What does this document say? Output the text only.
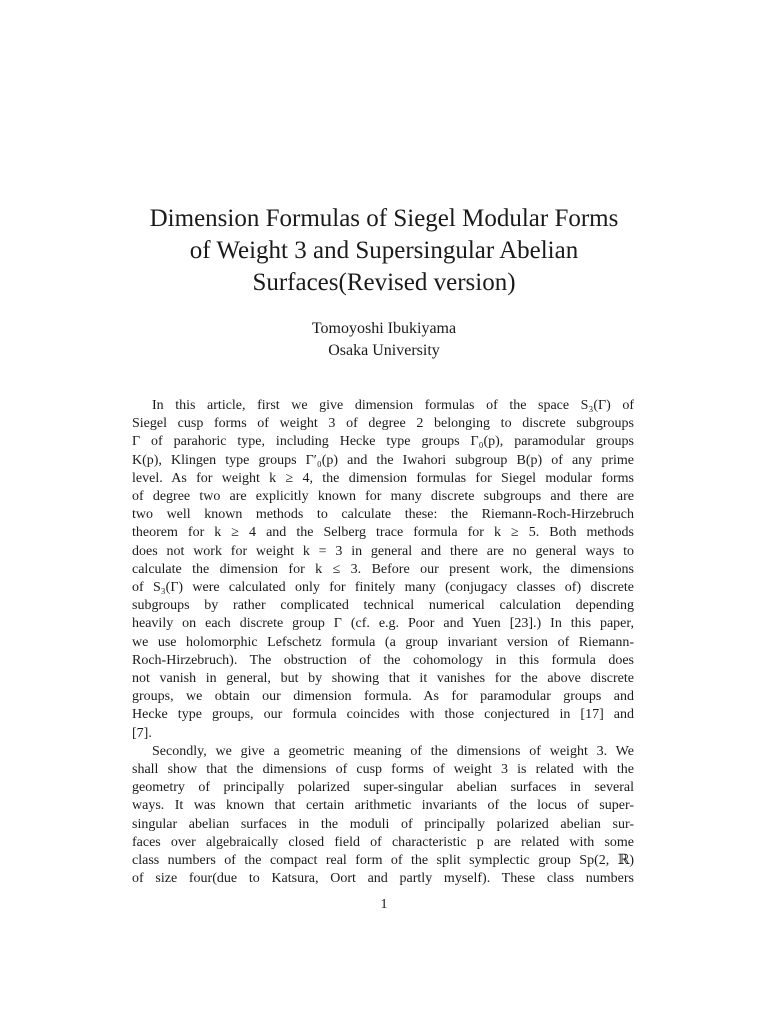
Dimension Formulas of Siegel Modular Forms
of Weight 3 and Supersingular Abelian
Surfaces(Revised version)
Tomoyoshi Ibukiyama
Osaka University
In this article, first we give dimension formulas of the space S₃(Γ) of
Siegel cusp forms of weight 3 of degree 2 belonging to discrete subgroups
Γ of parahoric type, including Hecke type groups Γ₀(p), paramodular groups
K(p), Klingen type groups Γ′₀(p) and the Iwahori subgroup B(p) of any prime
level. As for weight k ≥ 4, the dimension formulas for Siegel modular forms
of degree two are explicitly known for many discrete subgroups and there are
two well known methods to calculate these: the Riemann-Roch-Hirzebruch
theorem for k ≥ 4 and the Selberg trace formula for k ≥ 5. Both methods
does not work for weight k = 3 in general and there are no general ways to
calculate the dimension for k ≤ 3. Before our present work, the dimensions
of S₃(Γ) were calculated only for finitely many (conjugacy classes of) discrete
subgroups by rather complicated technical numerical calculation depending
heavily on each discrete group Γ (cf. e.g. Poor and Yuen [23].) In this paper,
we use holomorphic Lefschetz formula (a group invariant version of Riemann-
Roch-Hirzebruch). The obstruction of the cohomology in this formula does
not vanish in general, but by showing that it vanishes for the above discrete
groups, we obtain our dimension formula. As for paramodular groups and
Hecke type groups, our formula coincides with those conjectured in [17] and
[7].
Secondly, we give a geometric meaning of the dimensions of weight 3. We
shall show that the dimensions of cusp forms of weight 3 is related with the
geometry of principally polarized super-singular abelian surfaces in several
ways. It was known that certain arithmetic invariants of the locus of super-
singular abelian surfaces in the moduli of principally polarized abelian sur-
faces over algebraically closed field of characteristic p are related with some
class numbers of the compact real form of the split symplectic group Sp(2, ℝ)
of size four(due to Katsura, Oort and partly myself). These class numbers
1
